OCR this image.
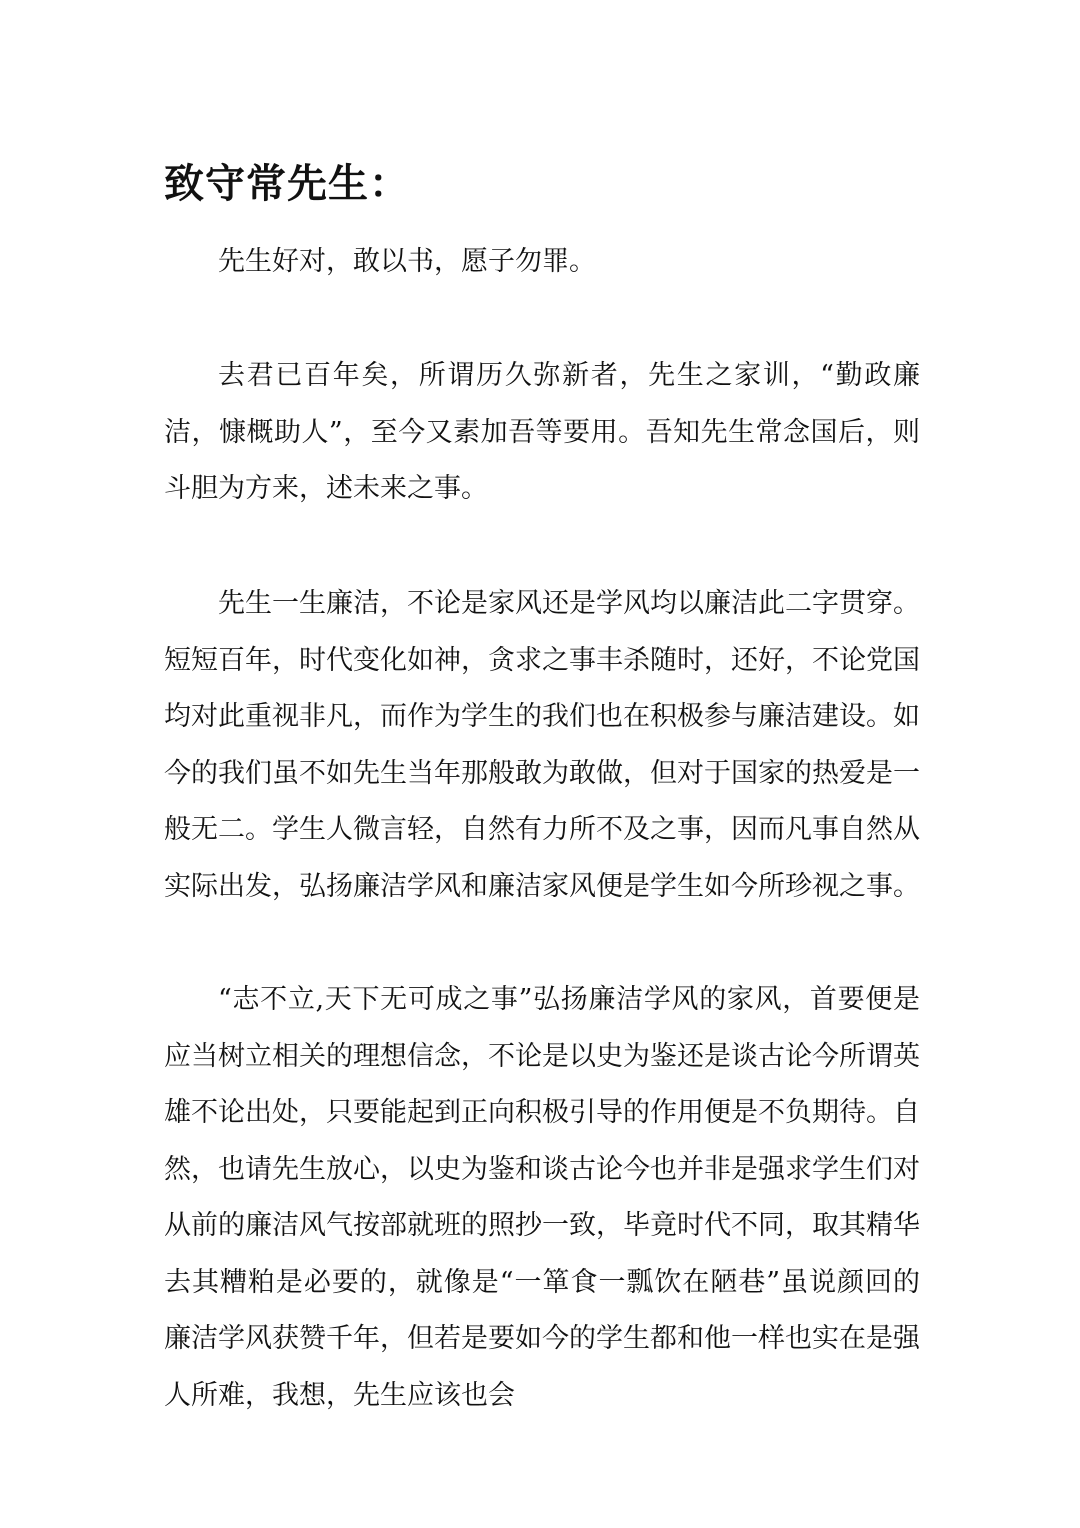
致守常先生：

先生好对，敢以书，愿子勿罪。

去君已百年矣，所谓历久弥新者，先生之家训，“勤政廉洁，慷概助人”，至今又素加吾等要用。吾知先生常念国后，则斗胆为方来，述未来之事。

先生一生廉洁，不论是家风还是学风均以廉洁此二字贯穿。短短百年，时代变化如神，贪求之事丰杀随时，还好，不论党国均对此重视非凡，而作为学生的我们也在积极参与廉洁建设。如今的我们虽不如先生当年那般敢为敢做，但对于国家的热爱是一般无二。学生人微言轻，自然有力所不及之事，因而凡事自然从实际出发，弘扬廉洁学风和廉洁家风便是学生如今所珍视之事。

“志不立,天下无可成之事”弘扬廉洁学风的家风，首要便是应当树立相关的理想信念，不论是以史为鉴还是谈古论今所谓英雄不论出处，只要能起到正向积极引导的作用便是不负期待。自然，也请先生放心，以史为鉴和谈古论今也并非是强求学生们对从前的廉洁风气按部就班的照抄一致，毕竟时代不同，取其精华去其糟粕是必要的，就像是“一箪食一瓢饮在陋巷”虽说颜回的廉洁学风获赞千年，但若是要如今的学生都和他一样也实在是强人所难，我想，先生应该也会
